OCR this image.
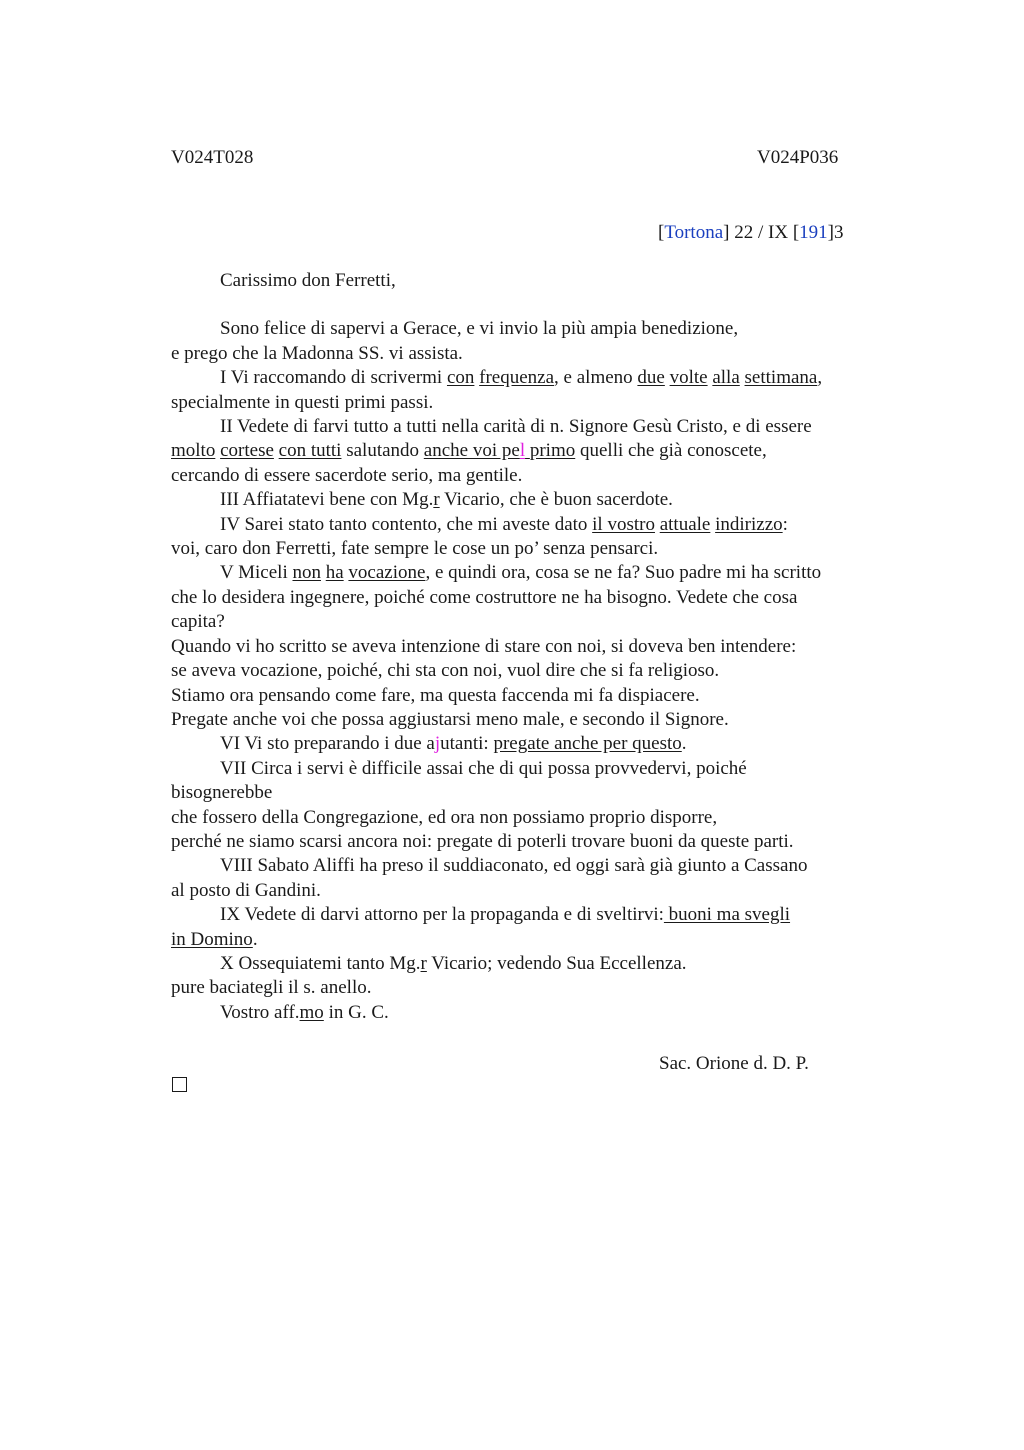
V024T028	V024P036
[Tortona] 22 / IX [191]3

Carissimo don Ferretti,

Sono felice di sapervi a Gerace, e vi invio la più ampia benedizione,

e prego che la Madonna SS. vi assista.

I Vi raccomando di scrivermi con frequenza, e almeno due volte alla settimana,

specialmente in questi primi passi.

II Vedete di farvi tutto a tutti nella carità di n. Signore Gesù Cristo, e di essere

molto cortese con tutti salutando anche voi pel primo quelli che già conoscete,

cercando di essere sacerdote serio, ma gentile.

III Affiatatevi bene con Mg.r Vicario, che è buon sacerdote.

IV Sarei stato tanto contento, che mi aveste dato il vostro attuale indirizzo:

voi, caro don Ferretti, fate sempre le cose un po’ senza pensarci.

V Miceli non ha vocazione, e quindi ora, cosa se ne fa? Suo padre mi ha scritto

che lo desidera ingegnere, poiché come costruttore ne ha bisogno. Vedete che cosa

capita?

Quando vi ho scritto se aveva intenzione di stare con noi, si doveva ben intendere:

se aveva vocazione, poiché, chi sta con noi, vuol dire che si fa religioso.

Stiamo ora pensando come fare, ma questa faccenda mi fa dispiacere.

Pregate anche voi che possa aggiustarsi meno male, e secondo il Signore.

VI Vi sto preparando i due ajutanti: pregate anche per questo.

VII Circa i servi è difficile assai che di qui possa provvedervi, poiché

bisognerebbe

che fossero della Congregazione, ed ora non possiamo proprio disporre,

perché ne siamo scarsi ancora noi: pregate di poterli trovare buoni da queste parti.

VIII Sabato Aliffi ha preso il suddiaconato, ed oggi sarà già giunto a Cassano

al posto di Gandini.

IX Vedete di darvi attorno per la propaganda e di sveltirvi: buoni ma svegli

in Domino.

X Ossequiatemi tanto Mg.r Vicario; vedendo Sua Eccellenza.

pure baciategli il s. anello.

Vostro aff.mo in G. C.

Sac. Orione d. D. P.
